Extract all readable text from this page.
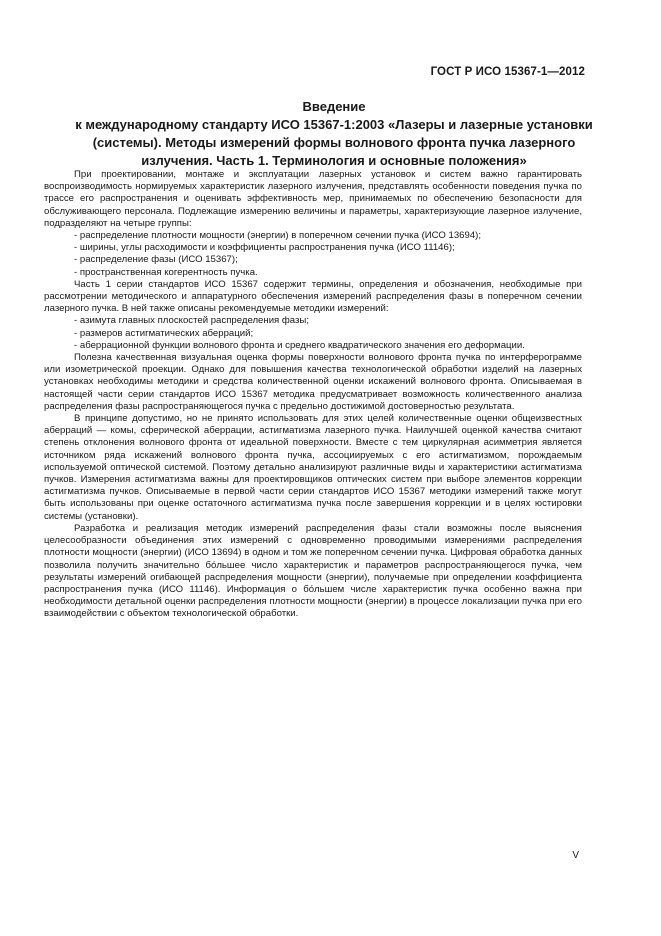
ГОСТ Р ИСО 15367-1—2012
Введение
к международному стандарту ИСО 15367-1:2003 «Лазеры и лазерные установки
(системы). Методы измерений формы волнового фронта пучка лазерного
излучения. Часть 1. Терминология и основные положения»

При проектировании, монтаже и эксплуатации лазерных установок и систем важно гарантировать воспроизводимость нормируемых характеристик лазерного излучения, представлять особенности поведения пучка по трассе его распространения и оценивать эффективность мер, принимаемых по обеспечению безопасности для обслуживающего персонала. Подлежащие измерению величины и параметры, характеризующие лазерное излучение, подразделяют на четыре группы:

- распределение плотности мощности (энергии) в поперечном сечении пучка (ИСО 13694);

- ширины, углы расходимости и коэффициенты распространения пучка (ИСО 11146);

- распределение фазы (ИСО 15367);

- пространственная когерентность пучка.

Часть 1 серии стандартов ИСО 15367 содержит термины, определения и обозначения, необходимые при рассмотрении методического и аппаратурного обеспечения измерений распределения фазы в поперечном сечении лазерного пучка. В ней также описаны рекомендуемые методики измерений:

- азимута главных плоскостей распределения фазы;

- размеров астигматических аберраций;

- аберрационной функции волнового фронта и среднего квадратического значения его деформации.

Полезна качественная визуальная оценка формы поверхности волнового фронта пучка по интерферограмме или изометрической проекции. Однако для повышения качества технологической обработки изделий на лазерных установках необходимы методики и средства количественной оценки искажений волнового фронта. Описываемая в настоящей части серии стандартов ИСО 15367 методика предусматривает возможность количественного анализа распределения фазы распространяющегося пучка с предельно достижимой достоверностью результата.

В принципе допустимо, но не принято использовать для этих целей количественные оценки общеизвестных аберраций — комы, сферической аберрации, астигматизма лазерного пучка. Наилучшей оценкой качества считают степень отклонения волнового фронта от идеальной поверхности. Вместе с тем циркулярная асимметрия является источником ряда искажений волнового фронта пучка, ассоциируемых с его астигматизмом, порождаемым используемой оптической системой. Поэтому детально анализируют различные виды и характеристики астигматизма пучков. Измерения астигматизма важны для проектировщиков оптических систем при выборе элементов коррекции астигматизма пучков. Описываемые в первой части серии стандартов ИСО 15367 методики измерений также могут быть использованы при оценке остаточного астигматизма пучка после завершения коррекции и в целях юстировки системы (установки).

Разработка и реализация методик измерений распределения фазы стали возможны после выяснения целесообразности объединения этих измерений с одновременно проводимыми измерениями распределения плотности мощности (энергии) (ИСО 13694) в одном и том же поперечном сечении пучка. Цифровая обработка данных позволила получить значительно бо́льшее число характеристик и параметров распространяющегося пучка, чем результаты измерений огибающей распределения мощности (энергии), получаемые при определении коэффициента распространения пучка (ИСО 11146). Информация о бо́льшем числе характеристик пучка особенно важна при необходимости детальной оценки распределения плотности мощности (энергии) в процессе локализации пучка при его взаимодействии с объектом технологической обработки.

V
